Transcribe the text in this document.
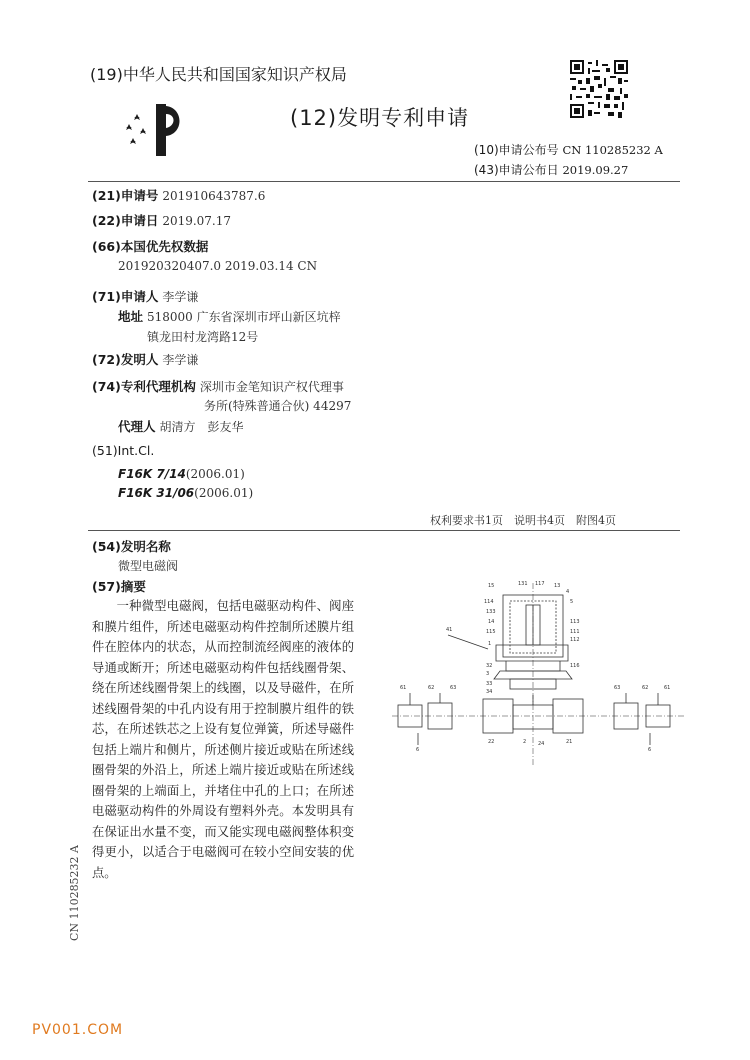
(19)中华人民共和国国家知识产权局
(12)发明专利申请
(10)申请公布号 CN 110285232 A
(43)申请公布日 2019.09.27
(21)申请号 201910643787.6
(22)申请日 2019.07.17
(66)本国优先权数据
201920320407.0 2019.03.14 CN
(71)申请人 李学谦
地址 518000 广东省深圳市坪山新区坑梓
镇龙田村龙湾路12号
(72)发明人 李学谦
(74)专利代理机构 深圳市金笔知识产权代理事
务所(特殊普通合伙) 44297
代理人 胡清方　彭友华
(51)Int.Cl.
F16K 7/14(2006.01)
F16K 31/06(2006.01)
权利要求书1页　说明书4页　附图4页
(54)发明名称
微型电磁阀
(57)摘要
一种微型电磁阀，包括电磁驱动构件、阀座和膜片组件，所述电磁驱动构件控制所述膜片组件在腔体内的状态，从而控制流经阀座的液体的导通或断开；所述电磁驱动构件包括线圈骨架、绕在所述线圈骨架上的线圈，以及导磁件，在所述线圈骨架的中孔内设有用于控制膜片组件的铁芯，在所述铁芯之上设有复位弹簧，所述导磁件包括上端片和侧片，所述侧片接近或贴在所述线圈骨架的外沿上，所述上端片接近或贴在所述线圈骨架的上端面上，并堵住中孔的上口；在所述电磁驱动构件的外周设有塑料外壳。本发明具有在保证出水量不变，而又能实现电磁阀整体积变得更小，以适合于电磁阀可在较小空间安装的优点。
15	131 117 13
4
114
133
14
115
41
1
32
3
33
34
5
113
111
112
116
61	62	63	63	62	61
6
22	2 24	21
6
CN 110285232 A
PV001.COM
